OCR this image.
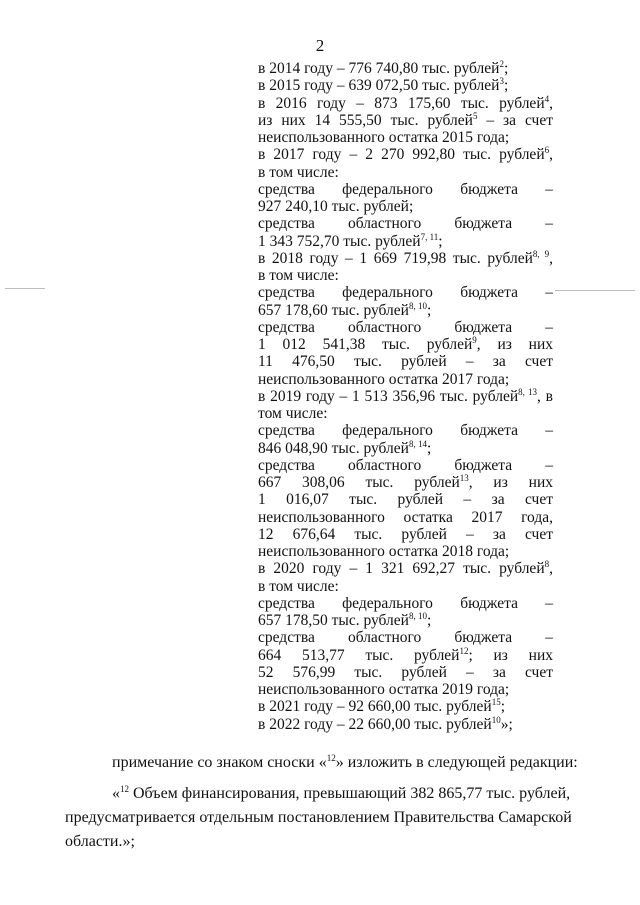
2
в 2014 году – 776 740,80 тыс. рублей$^2$;
в 2015 году – 639 072,50 тыс. рублей$^3$;
в 2016 году – 873 175,60 тыс. рублей$^4$,
из них 14 555,50 тыс. рублей$^5$ – за счет
неиспользованного остатка 2015 года;
в 2017 году – 2 270 992,80 тыс. рублей$^6$,
в том числе:
средства федерального бюджета –
927 240,10 тыс. рублей;
средства областного бюджета –
1 343 752,70 тыс. рублей$^{7, 11}$;
в 2018 году – 1 669 719,98 тыс. рублей$^{8, 9}$,
в том числе:
средства федерального бюджета –
657 178,60 тыс. рублей$^{8, 10}$;
средства областного бюджета –
1 012 541,38 тыс. рублей$^9$, из них
11 476,50 тыс. рублей – за счет
неиспользованного остатка 2017 года;
в 2019 году – 1 513 356,96 тыс. рублей$^{8, 13}$, в
том числе:
средства федерального бюджета –
846 048,90 тыс. рублей$^{8, 14}$;
средства областного бюджета –
667 308,06 тыс. рублей$^{13}$, из них
1 016,07 тыс. рублей – за счет
неиспользованного остатка 2017 года,
12 676,64 тыс. рублей – за счет
неиспользованного остатка 2018 года;
в 2020 году – 1 321 692,27 тыс. рублей$^8$,
в том числе:
средства федерального бюджета –
657 178,50 тыс. рублей$^{8, 10}$;
средства областного бюджета –
664 513,77 тыс. рублей$^{12}$; из них
52 576,99 тыс. рублей – за счет
неиспользованного остатка 2019 года;
в 2021 году – 92 660,00 тыс. рублей$^{15}$;
в 2022 году – 22 660,00 тыс. рублей$^{10}$»;
примечание со знаком сноски «$^{12}$» изложить в следующей редакции:
«$^{12}$ Объем финансирования, превышающий 382 865,77 тыс. рублей,
предусматривается отдельным постановлением Правительства Самарской
области.»;
